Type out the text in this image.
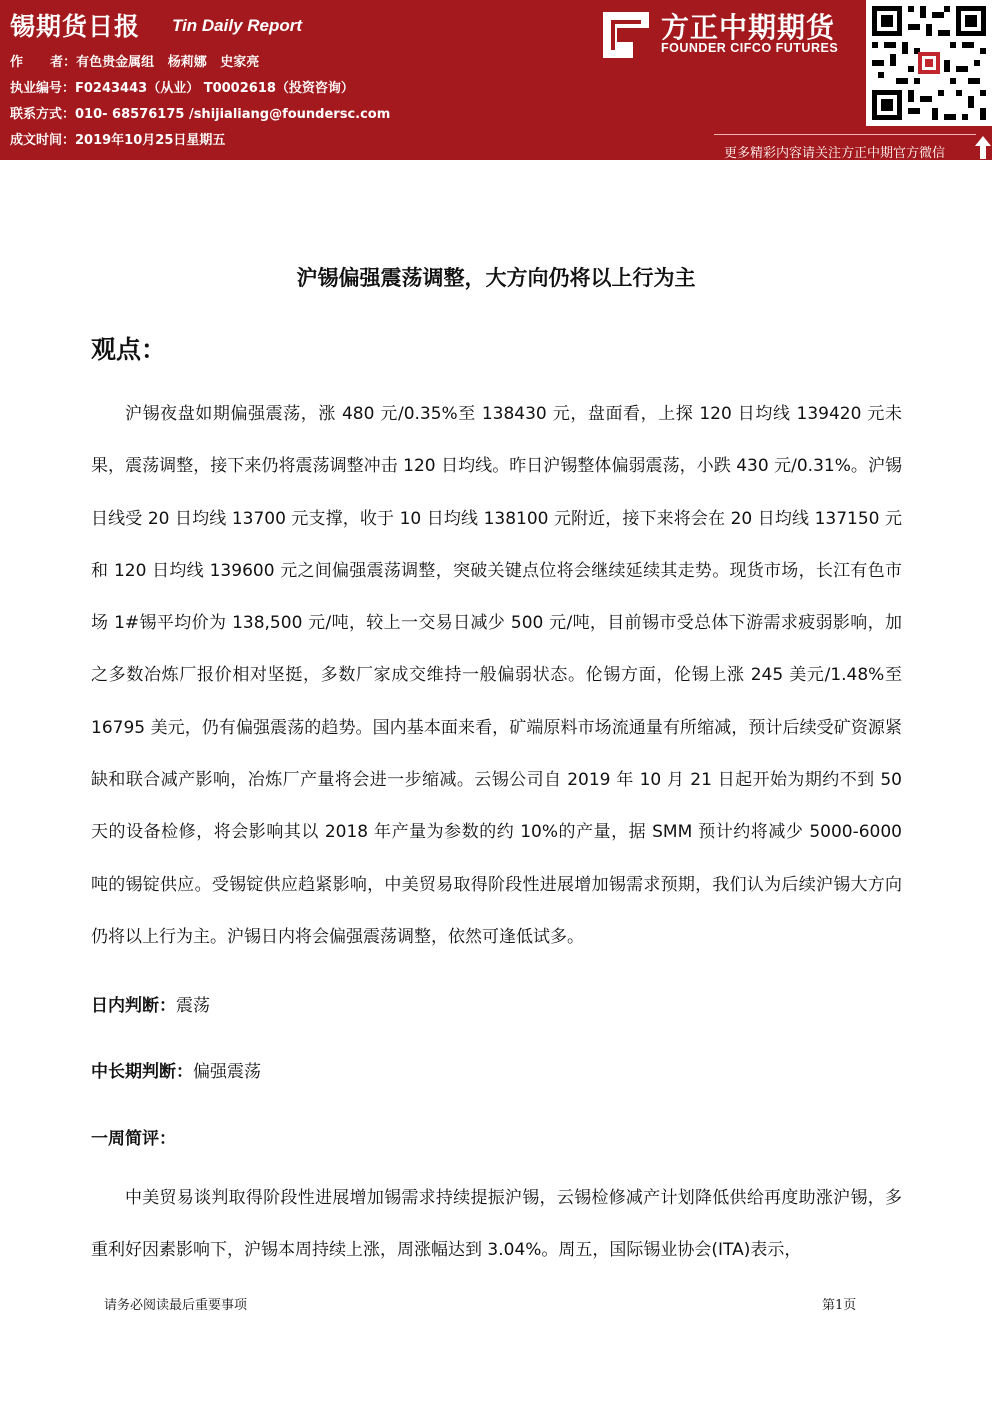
锡期货日报 Tin Daily Report
作      者：有色贵金属组   杨莉娜   史家亮
执业编号：F0243443（从业） T0002618（投资咨询）
联系方式：010- 68576175 /shijialiang@foundersc.com
成文时间：2019年10月25日星期五
方正中期期货
FOUNDER CIFCO FUTURES
更多精彩内容请关注方正中期官方微信
沪锡偏强震荡调整，大方向仍将以上行为主
观点：
沪锡夜盘如期偏强震荡，涨 480 元/0.35%至 138430 元，盘面看，上探 120 日均线 139420 元未果，震荡调整，接下来仍将震荡调整冲击 120 日均线。昨日沪锡整体偏弱震荡，小跌 430 元/0.31%。沪锡日线受 20 日均线 13700 元支撑，收于 10 日均线 138100 元附近，接下来将会在 20 日均线 137150 元和 120 日均线 139600 元之间偏强震荡调整，突破关键点位将会继续延续其走势。现货市场，长江有色市场 1#锡平均价为 138,500 元/吨，较上一交易日减少 500 元/吨，目前锡市受总体下游需求疲弱影响，加之多数冶炼厂报价相对坚挺，多数厂家成交维持一般偏弱状态。伦锡方面，伦锡上涨 245 美元/1.48%至 16795 美元，仍有偏强震荡的趋势。国内基本面来看，矿端原料市场流通量有所缩减，预计后续受矿资源紧缺和联合减产影响，冶炼厂产量将会进一步缩减。云锡公司自 2019 年 10 月 21 日起开始为期约不到 50 天的设备检修，将会影响其以 2018 年产量为参数的约 10%的产量，据 SMM 预计约将减少 5000-6000 吨的锡锭供应。受锡锭供应趋紧影响，中美贸易取得阶段性进展增加锡需求预期，我们认为后续沪锡大方向仍将以上行为主。沪锡日内将会偏强震荡调整，依然可逢低试多。
日内判断：震荡
中长期判断：偏强震荡
一周简评：
中美贸易谈判取得阶段性进展增加锡需求持续提振沪锡，云锡检修减产计划降低供给再度助涨沪锡，多重利好因素影响下，沪锡本周持续上涨，周涨幅达到 3.04%。周五，国际锡业协会(ITA)表示，
请务必阅读最后重要事项	第1页
